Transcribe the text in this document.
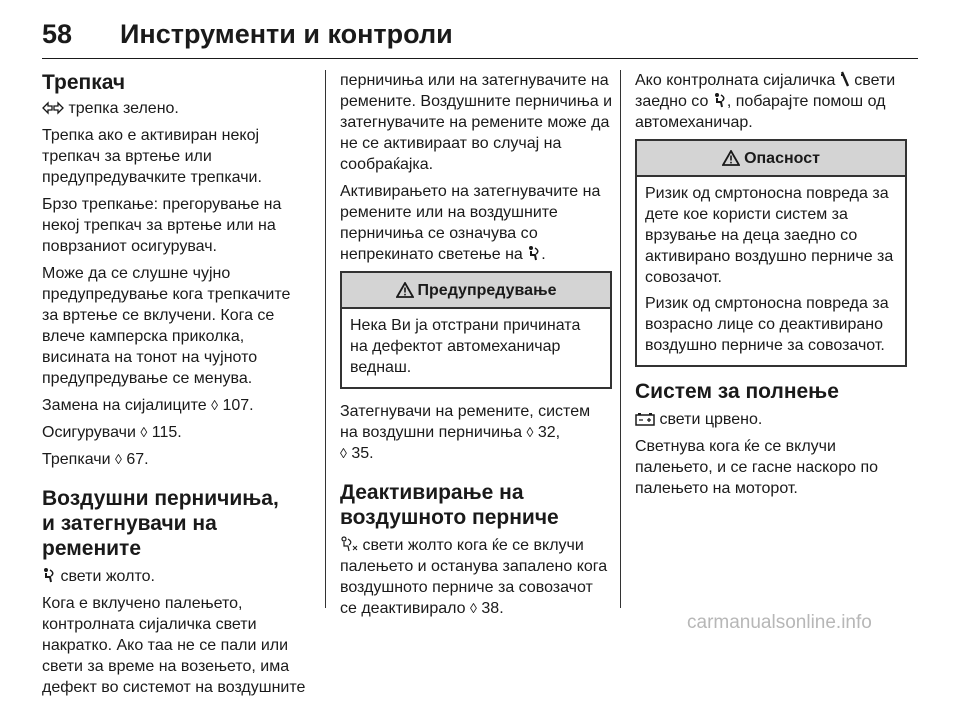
58	Инструменти и контроли
Трепкач

трепка зелено.

Трепка ако е активиран некој трепкач за вртење или предупредувачките трепкачи.

Брзо трепкање: прегорување на некој трепкач за вртење или на поврзаниот осигурувач.

Може да се слушне чујно предупредување кога трепкачите за вртење се вклучени. Кога се влече камперска приколка, висината на тонот на чујното предупредување се менува.

Замена на сијалиците ◊ 107.

Осигурувачи ◊ 115.

Трепкачи ◊ 67.

Воздушни перничиња,
и затегнувачи на ремените

свети жолто.

Кога е вклучено палењето, контролната сијаличка свети накратко. Ако таа не се пали или свети за време на возењето, има дефект во системот на воздушните

перничиња или на затегнувачите на ремените. Воздушните перничиња и затегнувачите на ремените може да не се активираат во случај на сообраќајка.

Активирањето на затегнувачите на ремените или на воздушните перничиња се означува со непрекинато светење на .

Предупредување

Нека Ви ја отстрани причината на дефектот автомеханичар веднаш.

Затегнувачи на ремените, систем на воздушни перничиња ◊ 32,
◊ 35.

Деактивирање на
воздушното перниче

свети жолто кога ќе се вклучи палењето и останува запалено кога воздушното перниче за совозачот се деактивирало ◊ 38.

Ако контролната сијаличка свети заедно со , побарајте помош од автомеханичар.

Опасност

Ризик од смртоносна повреда за дете кое користи систем за врзување на деца заедно со активирано воздушно перниче за совозачот.

Ризик од смртоносна повреда за возрасно лице со деактивирано воздушно перниче за совозачот.

Систем за полнење

свети црвено.

Светнува кога ќе се вклучи палењето, и се гасне наскоро по палењето на моторот.

carmanualsonline.info
